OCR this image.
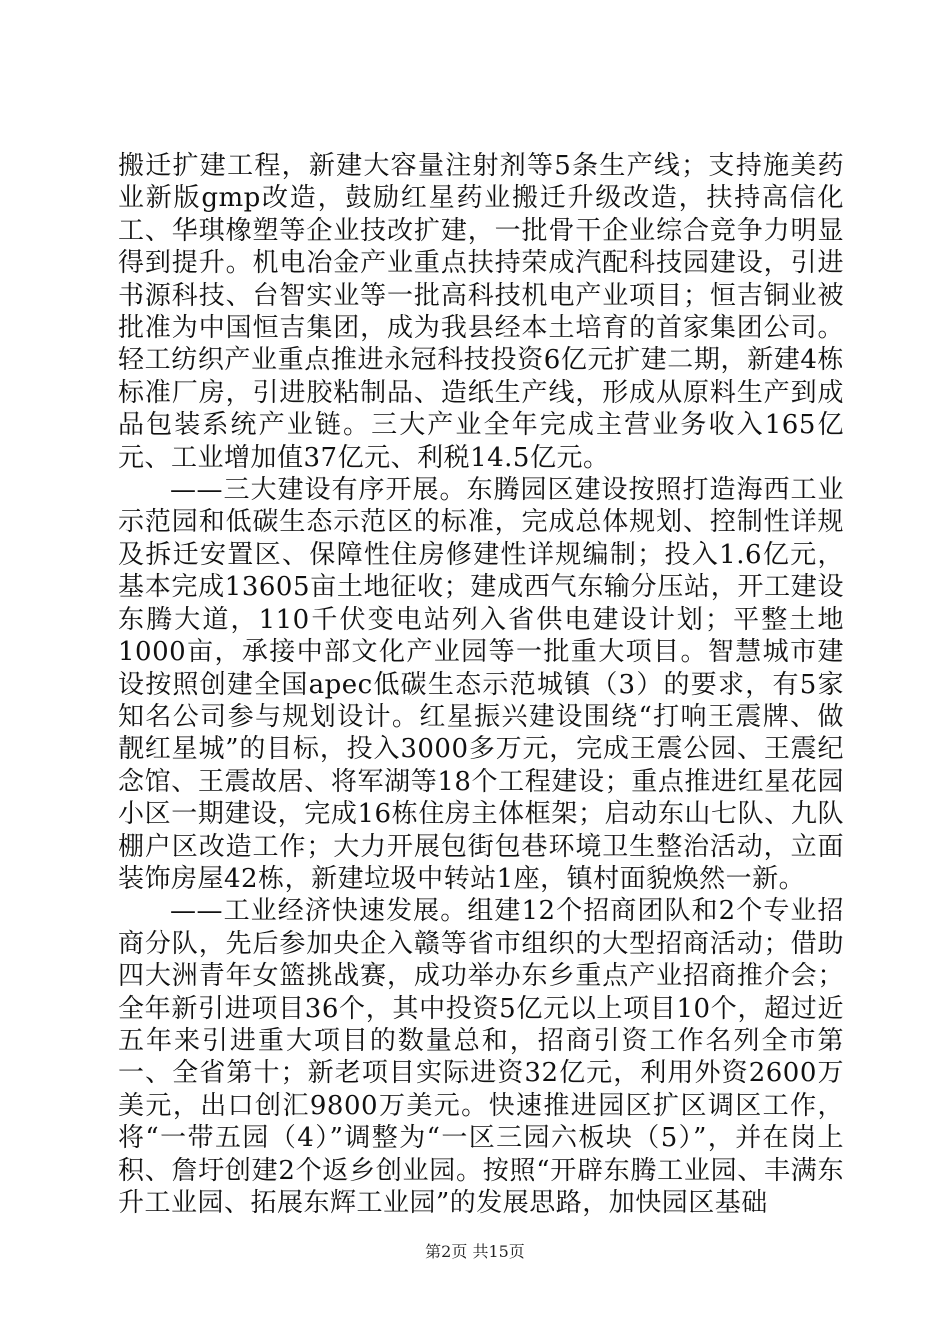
搬迁扩建工程，新建大容量注射剂等5条生产线；支持施美药业新版gmp改造，鼓励红星药业搬迁升级改造，扶持高信化工、华琪橡塑等企业技改扩建，一批骨干企业综合竞争力明显得到提升。机电冶金产业重点扶持荣成汽配科技园建设，引进书源科技、台智实业等一批高科技机电产业项目；恒吉铜业被批准为中国恒吉集团，成为我县经本土培育的首家集团公司。轻工纺织产业重点推进永冠科技投资6亿元扩建二期，新建4栋标准厂房，引进胶粘制品、造纸生产线，形成从原料生产到成品包装系统产业链。三大产业全年完成主营业务收入165亿元、工业增加值37亿元、利税14.5亿元。

——三大建设有序开展。东腾园区建设按照打造海西工业示范园和低碳生态示范区的标准，完成总体规划、控制性详规及拆迁安置区、保障性住房修建性详规编制；投入1.6亿元，基本完成13605亩土地征收；建成西气东输分压站，开工建设东腾大道，110千伏变电站列入省供电建设计划；平整土地1000亩，承接中部文化产业园等一批重大项目。智慧城市建设按照创建全国apec低碳生态示范城镇（3）的要求，有5家知名公司参与规划设计。红星振兴建设围绕“打响王震牌、做靓红星城”的目标，投入3000多万元，完成王震公园、王震纪念馆、王震故居、将军湖等18个工程建设；重点推进红星花园小区一期建设，完成16栋住房主体框架；启动东山七队、九队棚户区改造工作；大力开展包街包巷环境卫生整治活动，立面装饰房屋42栋，新建垃圾中转站1座，镇村面貌焕然一新。

——工业经济快速发展。组建12个招商团队和2个专业招商分队，先后参加央企入赣等省市组织的大型招商活动；借助四大洲青年女篮挑战赛，成功举办东乡重点产业招商推介会；全年新引进项目36个，其中投资5亿元以上项目10个，超过近五年来引进重大项目的数量总和，招商引资工作名列全市第一、全省第十；新老项目实际进资32亿元，利用外资2600万美元，出口创汇9800万美元。快速推进园区扩区调区工作，将“一带五园（4）”调整为“一区三园六板块（5）”，并在岗上积、詹圩创建2个返乡创业园。按照“开辟东腾工业园、丰满东升工业园、拓展东辉工业园”的发展思路，加快园区基础

第2页 共15页
